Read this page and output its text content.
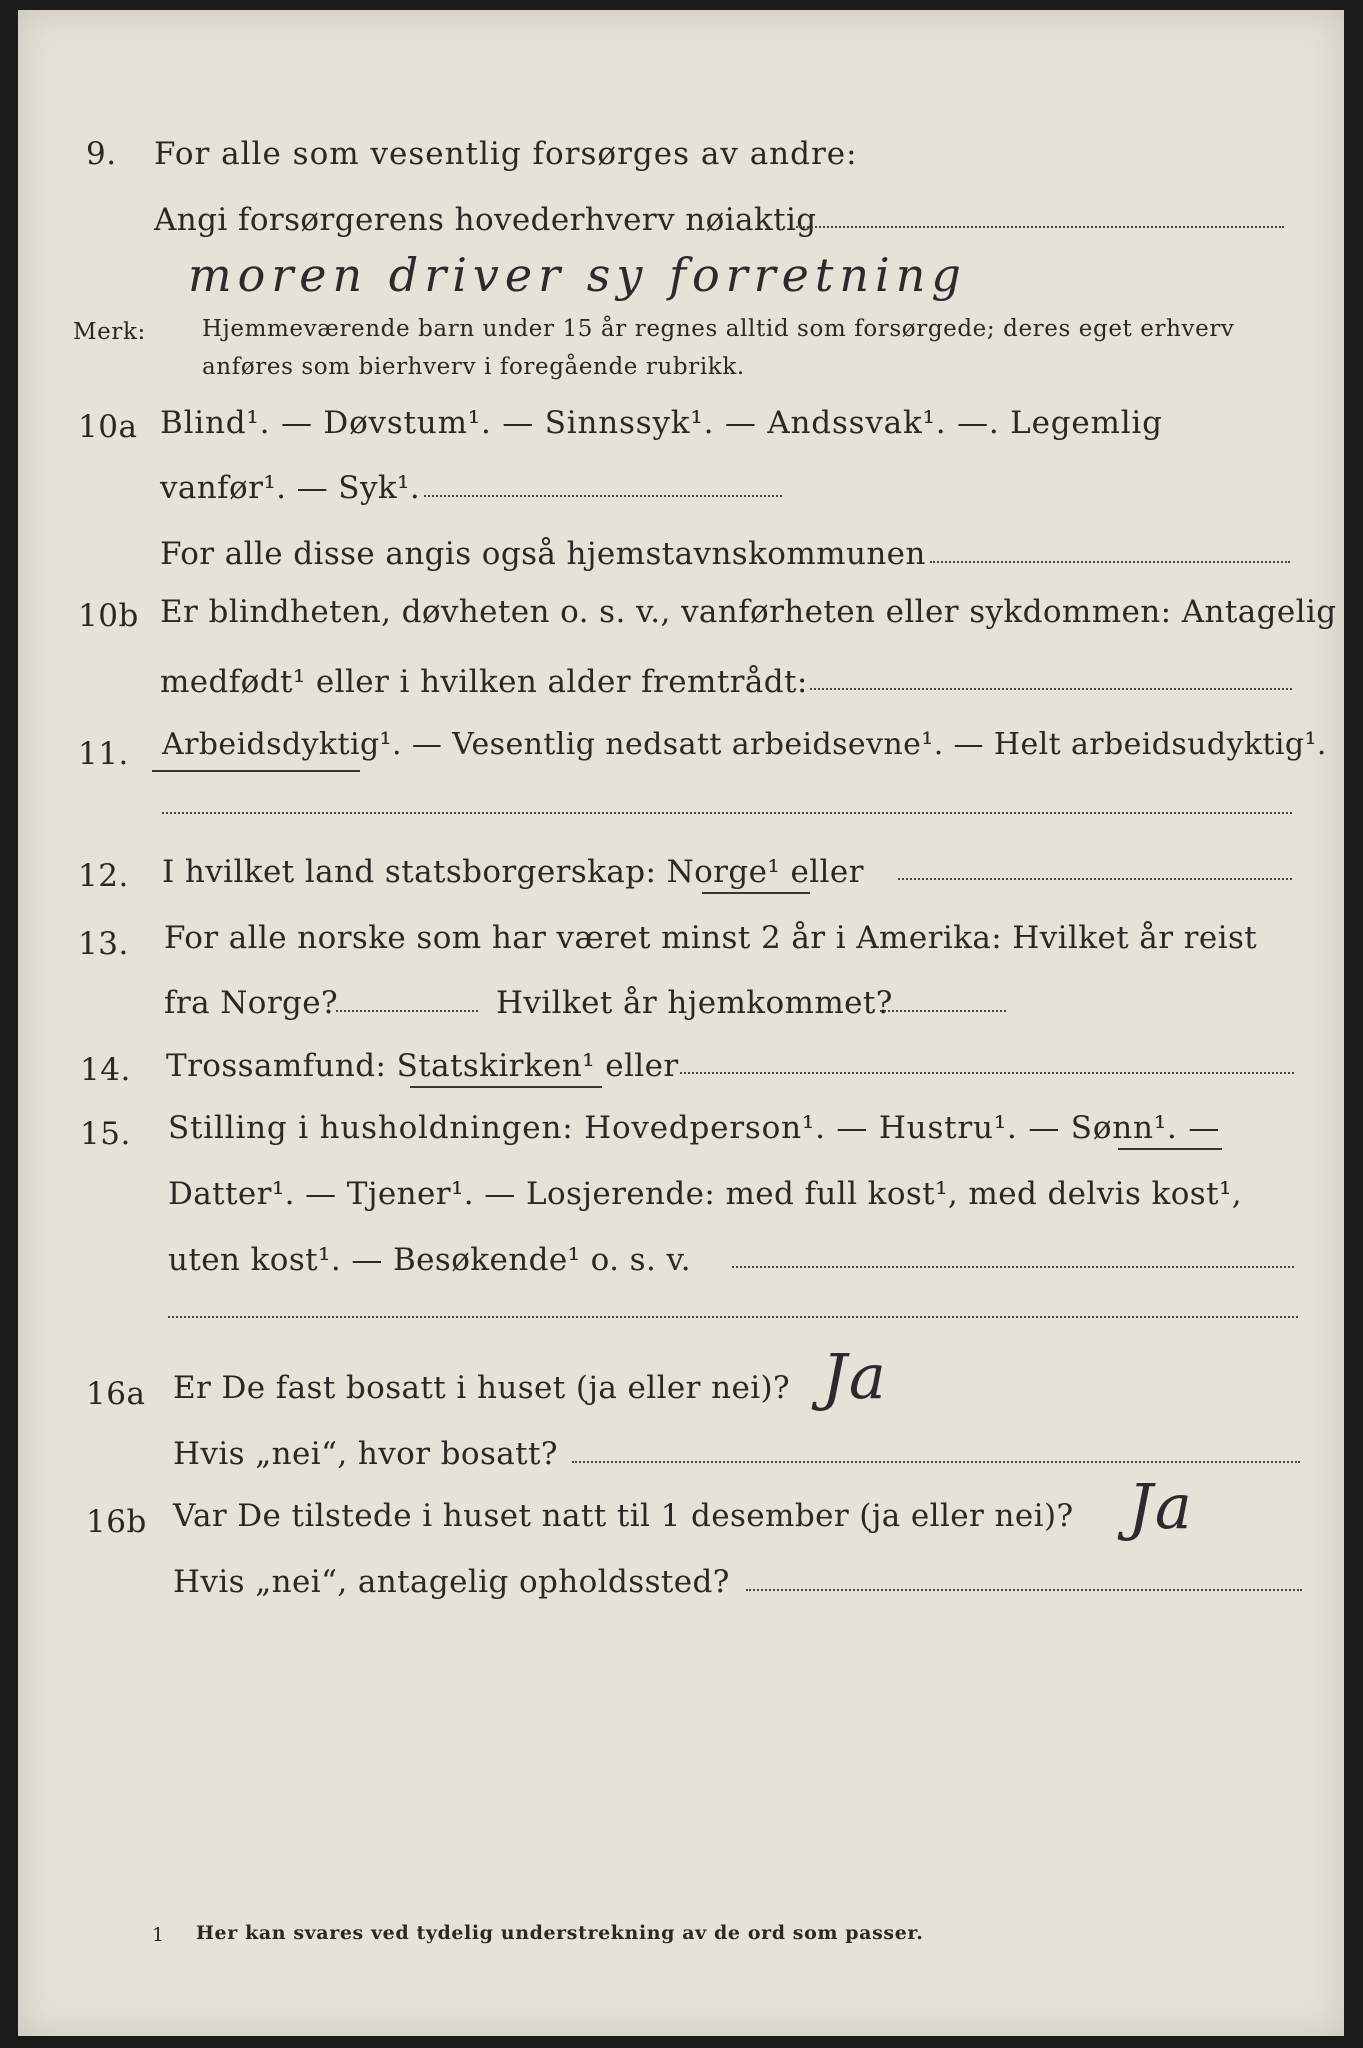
9. For alle som vesentlig forsørges av andre:
Angi forsørgerens hovederhverv nøiaktig
moren driver sy forretning
Merk: Hjemmeværende barn under 15 år regnes alltid som forsørgede; deres eget erhverv
anføres som bierhverv i foregående rubrikk.
10a Blind¹. — Døvstum¹. — Sinnssyk¹. — Andssvak¹. —. Legemlig
vanfør¹. — Syk¹.
For alle disse angis også hjemstavnskommunen
10b Er blindheten, døvheten o. s. v., vanførheten eller sykdommen: Antagelig
medfødt¹ eller i hvilken alder fremtrådt:
11. Arbeidsdyktig¹. — Vesentlig nedsatt arbeidsevne¹. — Helt arbeidsudyktig¹.
12. I hvilket land statsborgerskap: Norge¹ eller
13. For alle norske som har været minst 2 år i Amerika: Hvilket år reist
fra Norge?	Hvilket år hjemkommet?
14. Trossamfund: Statskirken¹ eller
15. Stilling i husholdningen: Hovedperson¹. — Hustru¹. — Sønn¹. —
Datter¹. — Tjener¹. — Losjerende: med full kost¹, med delvis kost¹,
uten kost¹. — Besøkende¹ o. s. v.
16a Er De fast bosatt i huset (ja eller nei)? Ja
Hvis „nei“, hvor bosatt?
16b Var De tilstede i huset natt til 1 desember (ja eller nei)? Ja
Hvis „nei“, antagelig opholdssted?
1 Her kan svares ved tydelig understrekning av de ord som passer.
